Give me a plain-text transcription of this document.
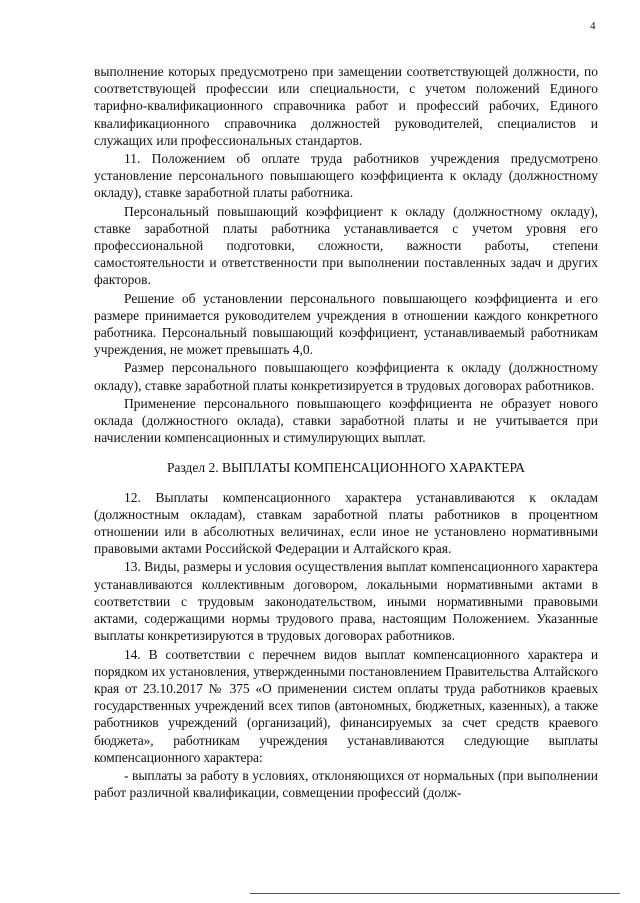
4

выполнение которых предусмотрено при замещении соответствующей должности, по соответствующей профессии или специальности, с учетом положений Единого тарифно-квалификационного справочника работ и профессий рабочих, Единого квалификационного справочника должностей руководителей, специалистов и служащих или профессиональных стандартов.

11. Положением об оплате труда работников учреждения предусмотрено установление персонального повышающего коэффициента к окладу (должностному окладу), ставке заработной платы работника.

Персональный повышающий коэффициент к окладу (должностному окладу), ставке заработной платы работника устанавливается с учетом уровня его профессиональной подготовки, сложности, важности работы, степени самостоятельности и ответственности при выполнении поставленных задач и других факторов.

Решение об установлении персонального повышающего коэффициента и его размере принимается руководителем учреждения в отношении каждого конкретного работника. Персональный повышающий коэффициент, устанавливаемый работникам учреждения, не может превышать 4,0.

Размер персонального повышающего коэффициента к окладу (должностному окладу), ставке заработной платы конкретизируется в трудовых договорах работников.

Применение персонального повышающего коэффициента не образует нового оклада (должностного оклада), ставки заработной платы и не учитывается при начислении компенсационных и стимулирующих выплат.

Раздел 2. ВЫПЛАТЫ КОМПЕНСАЦИОННОГО ХАРАКТЕРА

12. Выплаты компенсационного характера устанавливаются к окладам (должностным окладам), ставкам заработной платы работников в процентном отношении или в абсолютных величинах, если иное не установлено нормативными правовыми актами Российской Федерации и Алтайского края.

13. Виды, размеры и условия осуществления выплат компенсационного характера устанавливаются коллективным договором, локальными нормативными актами в соответствии с трудовым законодательством, иными нормативными правовыми актами, содержащими нормы трудового права, настоящим Положением. Указанные выплаты конкретизируются в трудовых договорах работников.

14. В соответствии с перечнем видов выплат компенсационного характера и порядком их установления, утвержденными постановлением Правительства Алтайского края от 23.10.2017 № 375 «О применении систем оплаты труда работников краевых государственных учреждений всех типов (автономных, бюджетных, казенных), а также работников учреждений (организаций), финансируемых за счет средств краевого бюджета», работникам учреждения устанавливаются следующие выплаты компенсационного характера:

- выплаты за работу в условиях, отклоняющихся от нормальных (при выполнении работ различной квалификации, совмещении профессий (долж-
